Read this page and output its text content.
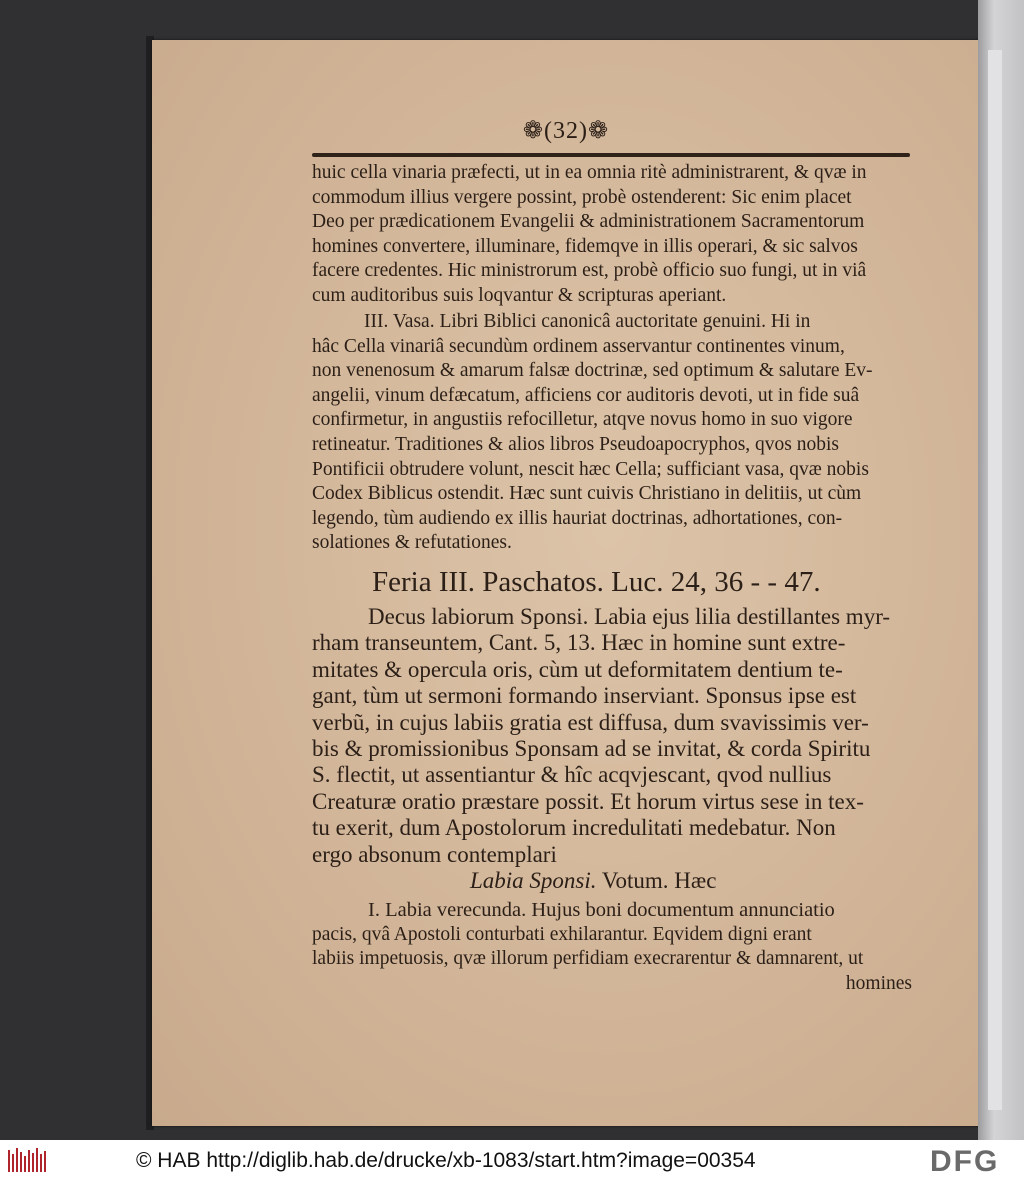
❁(32)❁
huic cella vinaria præfecti, ut in ea omnia ritè administrarent, & qvæ in
commodum illius vergere possint, probè ostenderent: Sic enim placet
Deo per prædicationem Evangelii & administrationem Sacramentorum
homines convertere, illuminare, fidemqve in illis operari, & sic salvos
facere credentes. Hic ministrorum est, probè officio suo fungi, ut in viâ
cum auditoribus suis loqvantur & scripturas aperiant.
III. Vasa. Libri Biblici canonicâ auctoritate genuini. Hi in
hâc Cella vinariâ secundùm ordinem asservantur continentes vinum,
non venenosum & amarum falsæ doctrinæ, sed optimum & salutare Ev-
angelii, vinum defæcatum, afficiens cor auditoris devoti, ut in fide suâ
confirmetur, in angustiis refocilletur, atqve novus homo in suo vigore
retineatur. Traditiones & alios libros Pseudoapocryphos, qvos nobis
Pontificii obtrudere volunt, nescit hæc Cella; sufficiant vasa, qvæ nobis
Codex Biblicus ostendit. Hæc sunt cuivis Christiano in delitiis, ut cùm
legendo, tùm audiendo ex illis hauriat doctrinas, adhortationes, con-
solationes & refutationes.
Feria III. Paschatos. Luc. 24, 36 - - 47.
Decus labiorum Sponsi. Labia ejus lilia destillantes myr-
rham transeuntem, Cant. 5, 13. Hæc in homine sunt extre-
mitates & opercula oris, cùm ut deformitatem dentium te-
gant, tùm ut sermoni formando inserviant. Sponsus ipse est
verbũ, in cujus labiis gratia est diffusa, dum svavissimis ver-
bis & promissionibus Sponsam ad se invitat, & corda Spiritu
S. flectit, ut assentiantur & hîc acqvjescant, qvod nullius
Creaturæ oratio præstare possit. Et horum virtus sese in tex-
tu exerit, dum Apostolorum incredulitati medebatur. Non
ergo absonum contemplari
Labia Sponsi. Votum. Hæc
I. Labia verecunda. Hujus boni documentum annunciatio
pacis, qvâ Apostoli conturbati exhilarantur. Eqvidem digni erant
labiis impetuosis, qvæ illorum perfidiam execrarentur & damnarent, ut
homines
© HAB http://diglib.hab.de/drucke/xb-1083/start.htm?image=00354	DFG
